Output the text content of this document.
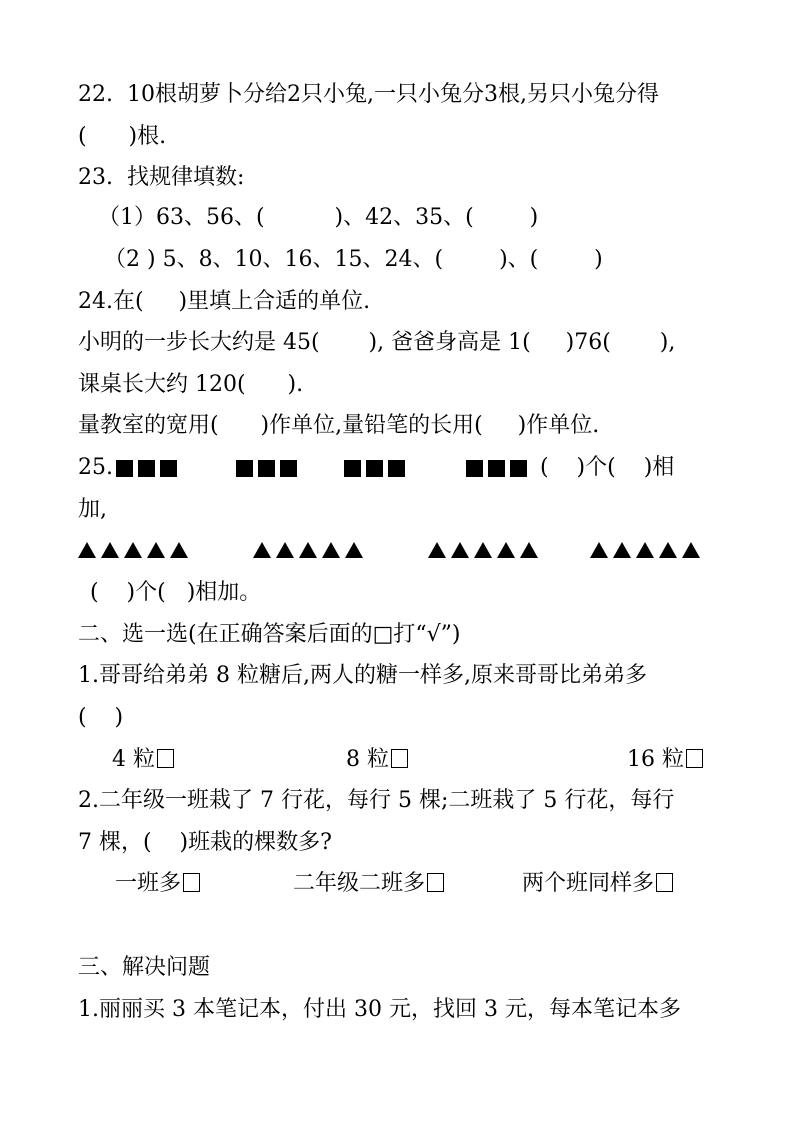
22.  10根胡萝卜分给2只小兔,一只小兔分3根,另只小兔分得
(      )根.
23.  找规律填数:
（1）63、56、(          )、42、35、(        )
（2 ) 5、8、10、16、15、24、(        )、(        )
24.在(     )里填上合适的单位.
小明的一步长大约是 45(       ), 爸爸身高是 1(     )76(       ),
课桌长大约 120(      ).
量教室的宽用(      )作单位,量铅笔的长用(     )作单位.
25.	(    )个(    )相
加,
(    )个(   )相加。
二、选一选(在正确答案后面的□打“√”)
1.哥哥给弟弟 8 粒糖后,两人的糖一样多,原来哥哥比弟弟多
(    )
4 粒	8 粒	16 粒
2.二年级一班栽了 7 行花，每行 5 棵;二班栽了 5 行花，每行
7 棵，(    )班栽的棵数多?
一班多	二年级二班多	两个班同样多
三、解决问题
1.丽丽买 3 本笔记本，付出 30 元，找回 3 元，每本笔记本多
